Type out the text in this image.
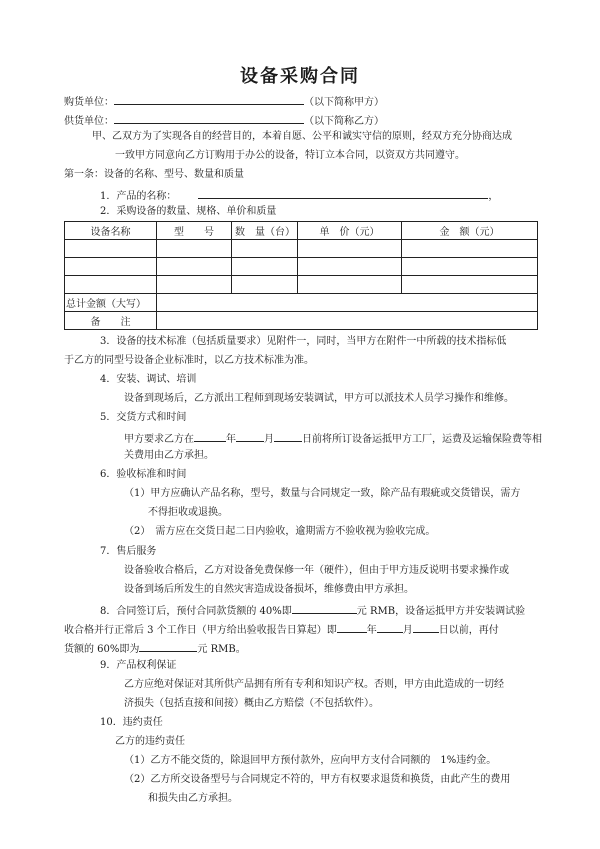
设备采购合同
购货单位：	（以下简称甲方）
供货单位：	（以下简称乙方）
甲、乙双方为了实现各自的经营目的，本着自愿、公平和诚实守信的原则，经双方充分协商达成
一致甲方同意向乙方订购用于办公的设备，特订立本合同，以资双方共同遵守。
第一条：设备的名称、型号、数量和质量
1．产品的名称：	，
2．采购设备的数量、规格、单价和质量
设备名称	型　　号	数　量（台）	单　价（元）	金　额（元）

总计金额（大写）				
备　　注				
3．设备的技术标准（包括质量要求）见附件一，同时，当甲方在附件一中所载的技术指标低
于乙方的同型号设备企业标准时，以乙方技术标准为准。
4．安装、调试、培训
设备到现场后，乙方派出工程师到现场安装调试，甲方可以派技术人员学习操作和维修。
5．交货方式和时间
甲方要求乙方在	年	月	日前将所订设备运抵甲方工厂，运费及运输保险费等相
关费用由乙方承担。
6．验收标准和时间
（1）甲方应确认产品名称，型号，数量与合同规定一致，除产品有瑕疵或交货错误，需方
不得拒收或退换。
（2）　需方应在交货日起二日内验收，逾期需方不验收视为验收完成。
7．售后服务
设备验收合格后，乙方对设备免费保修一年（硬件），但由于甲方违反说明书要求操作或
设备到场后所发生的自然灾害造成设备损坏，维修费由甲方承担。
8．合同签订后，预付合同款货额的 40%即	元 RMB，设备运抵甲方并安装调试验
收合格并行正常后 3 个工作日（甲方给出验收报告日算起）即	年	月	日以前，再付
货额的 60%即为	元 RMB。
9．产品权利保证
乙方应绝对保证对其所供产品拥有所有专利和知识产权。否则，甲方由此造成的一切经
济损失（包括直接和间接）概由乙方赔偿（不包括软件）。
10．违约责任
乙方的违约责任
（1）乙方不能交货的，除退回甲方预付款外，应向甲方支付合同额的　1%违约金。
（2）乙方所交设备型号与合同规定不符的，甲方有权要求退货和换货，由此产生的费用
和损失由乙方承担。
